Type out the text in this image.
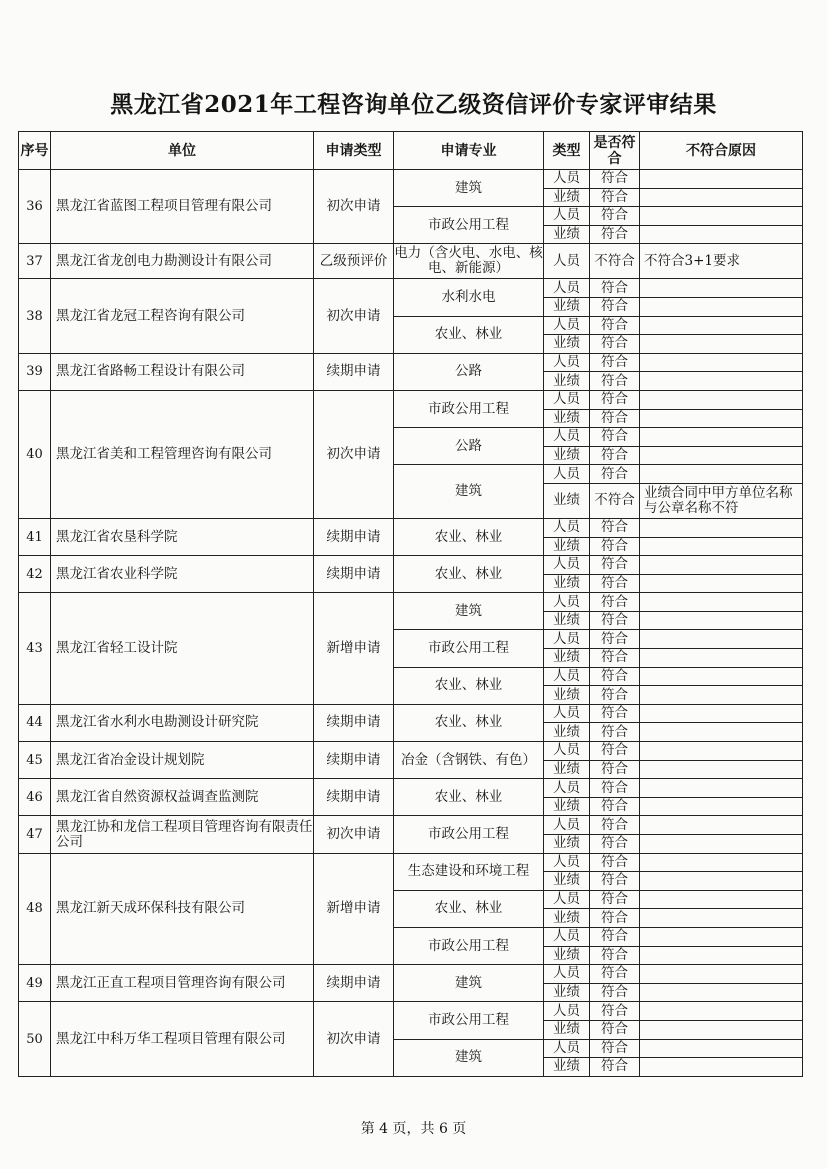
黑龙江省2021年工程咨询单位乙级资信评价专家评审结果
序号	单位	申请类型	申请专业	类型	是否符合	不符合原因
36	黑龙江省蓝图工程项目管理有限公司	初次申请	建筑	人员	符合	
				业绩	符合	
			市政公用工程	人员	符合	
				业绩	符合	
37	黑龙江省龙创电力勘测设计有限公司	乙级预评价	电力（含火电、水电、核电、新能源）	人员	不符合	不符合3+1要求
38	黑龙江省龙冠工程咨询有限公司	初次申请	水利水电	人员	符合	
				业绩	符合	
			农业、林业	人员	符合	
				业绩	符合	
39	黑龙江省路畅工程设计有限公司	续期申请	公路	人员	符合	
				业绩	符合	
40	黑龙江省美和工程管理咨询有限公司	初次申请	市政公用工程	人员	符合	
				业绩	符合	
			公路	人员	符合	
				业绩	符合	
			建筑	人员	符合	
				业绩	不符合	业绩合同中甲方单位名称与公章名称不符
41	黑龙江省农垦科学院	续期申请	农业、林业	人员	符合	
				业绩	符合	
42	黑龙江省农业科学院	续期申请	农业、林业	人员	符合	
				业绩	符合	
43	黑龙江省轻工设计院	新增申请	建筑	人员	符合	
				业绩	符合	
			市政公用工程	人员	符合	
				业绩	符合	
			农业、林业	人员	符合	
				业绩	符合	
44	黑龙江省水利水电勘测设计研究院	续期申请	农业、林业	人员	符合	
				业绩	符合	
45	黑龙江省冶金设计规划院	续期申请	冶金（含钢铁、有色）	人员	符合	
				业绩	符合	
46	黑龙江省自然资源权益调查监测院	续期申请	农业、林业	人员	符合	
				业绩	符合	
47	黑龙江协和龙信工程项目管理咨询有限责任公司	初次申请	市政公用工程	人员	符合	
				业绩	符合	
48	黑龙江新天成环保科技有限公司	新增申请	生态建设和环境工程	人员	符合	
				业绩	符合	
			农业、林业	人员	符合	
				业绩	符合	
			市政公用工程	人员	符合	
				业绩	符合	
49	黑龙江正直工程项目管理咨询有限公司	续期申请	建筑	人员	符合	
				业绩	符合	
50	黑龙江中科万华工程项目管理有限公司	初次申请	市政公用工程	人员	符合	
				业绩	符合	
			建筑	人员	符合	
				业绩	符合	
第 4 页，共 6 页
